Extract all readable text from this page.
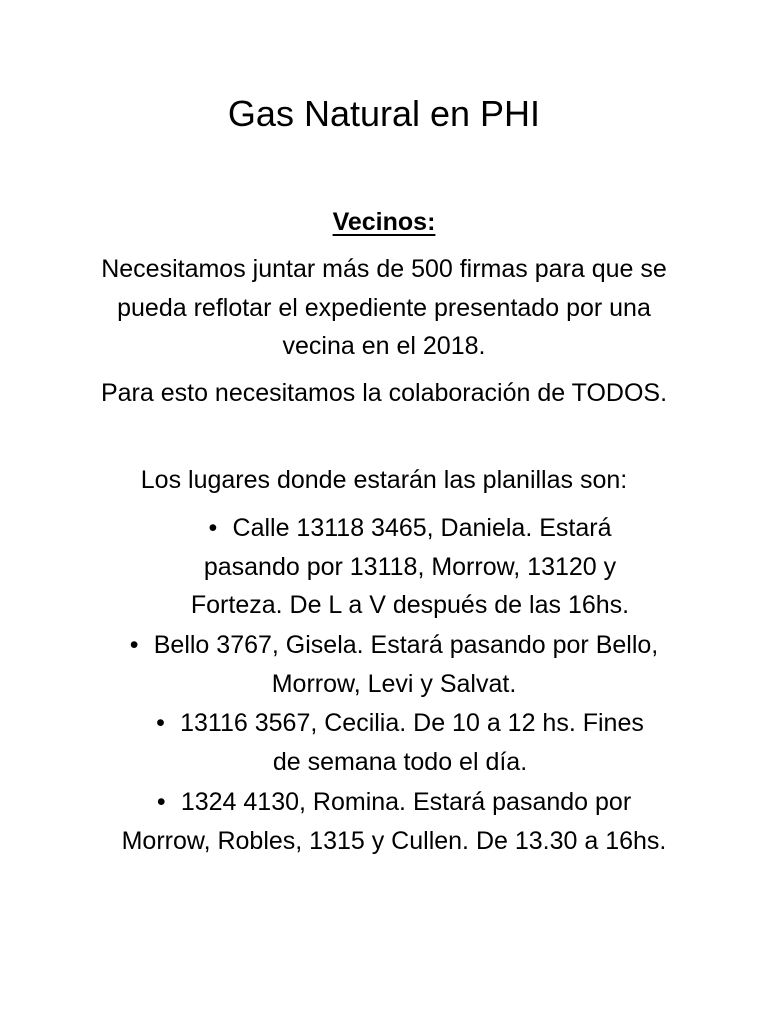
Gas Natural en PHI
Vecinos:
Necesitamos juntar más de 500 firmas para que se pueda reflotar el expediente presentado por una vecina en el 2018.
Para esto necesitamos la colaboración de TODOS.
Los lugares donde estarán las planillas son:
• Calle 13118 3465, Daniela. Estará pasando por 13118, Morrow, 13120 y Forteza. De L a V después de las 16hs.
• Bello 3767, Gisela. Estará pasando por Bello, Morrow, Levi y Salvat.
• 13116 3567, Cecilia. De 10 a 12 hs. Fines de semana todo el día.
• 1324 4130, Romina. Estará pasando por Morrow, Robles, 1315 y Cullen. De 13.30 a 16hs.
